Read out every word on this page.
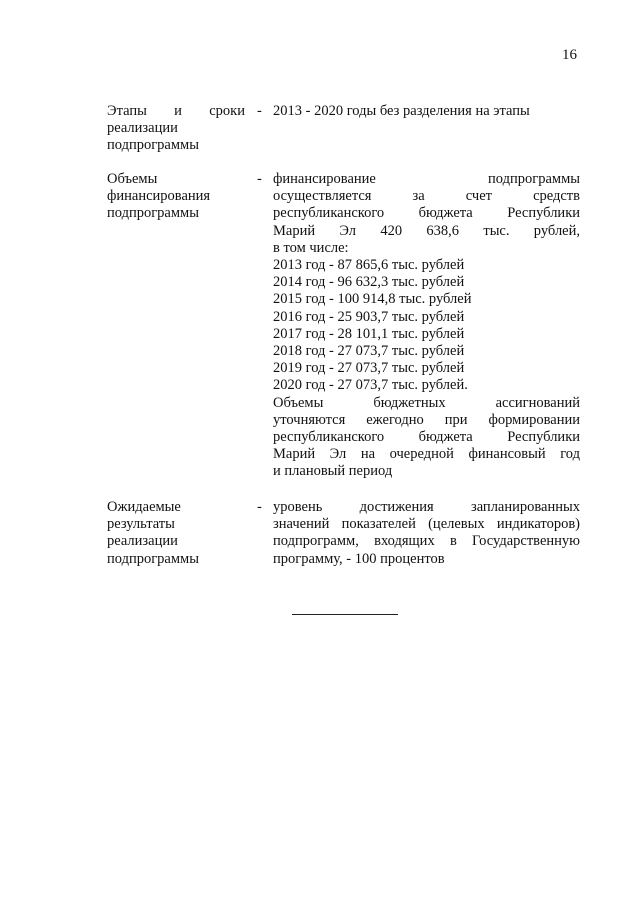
16
Этапы и сроки
реализации
подпрограммы
- 2013 - 2020 годы без разделения на этапы
Объемы
финансирования
подпрограммы
- финансирование подпрограммы
осуществляется за счет средств
республиканского бюджета Республики
Марий Эл 420 638,6 тыс. рублей,
в том числе:
2013 год - 87 865,6 тыс. рублей
2014 год - 96 632,3 тыс. рублей
2015 год - 100 914,8 тыс. рублей
2016 год - 25 903,7 тыс. рублей
2017 год - 28 101,1 тыс. рублей
2018 год - 27 073,7 тыс. рублей
2019 год - 27 073,7 тыс. рублей
2020 год - 27 073,7 тыс. рублей.
Объемы бюджетных ассигнований
уточняются ежегодно при формировании
республиканского бюджета Республики
Марий Эл на очередной финансовый год
и плановый период
Ожидаемые
результаты
реализации
подпрограммы
- уровень достижения запланированных
значений показателей (целевых индикаторов)
подпрограмм, входящих в Государственную
программу, - 100 процентов
